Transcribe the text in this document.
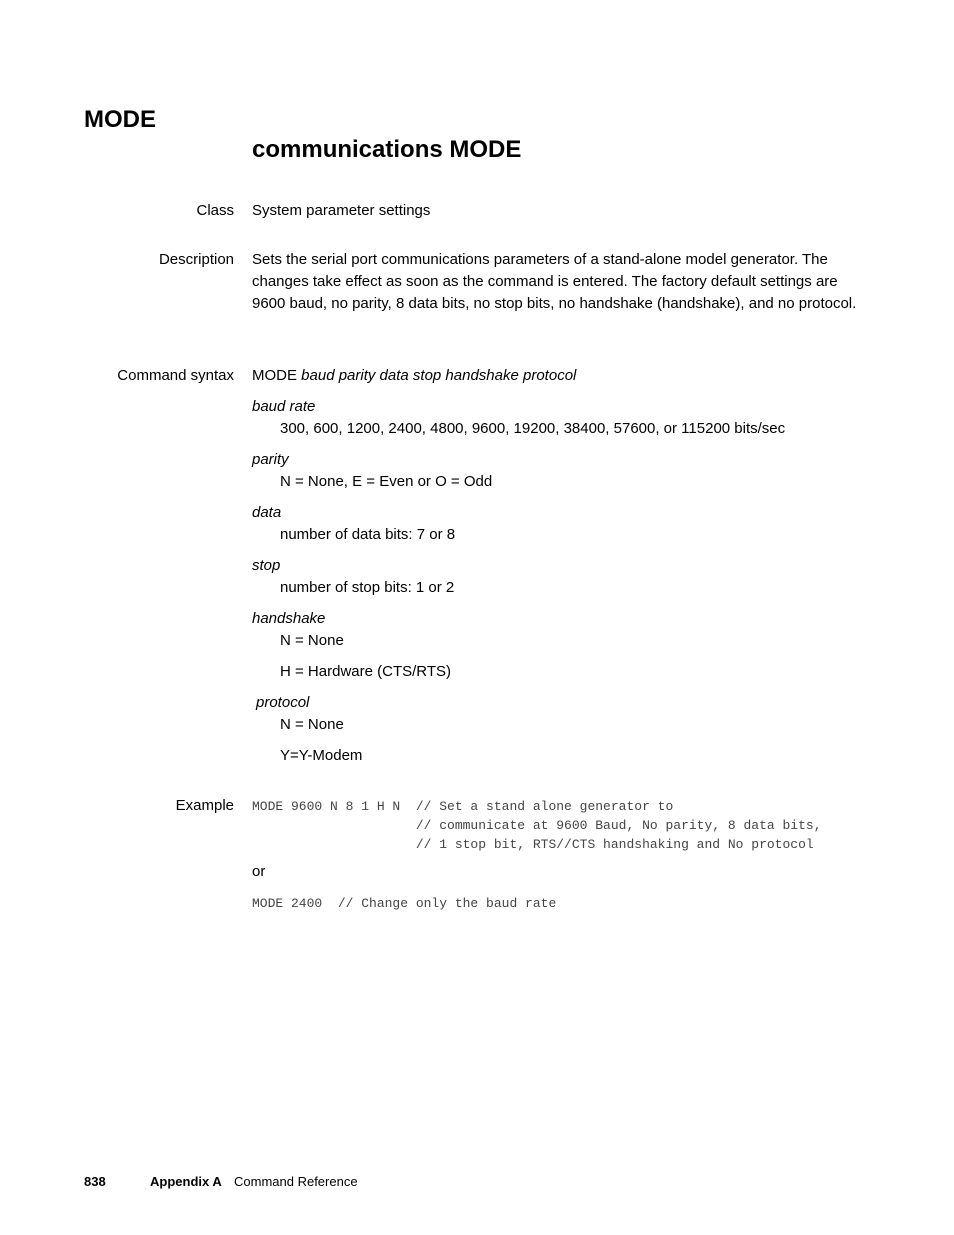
MODE
communications MODE
Class System parameter settings
Description Sets the serial port communications parameters of a stand-alone model generator. The changes take effect as soon as the command is entered. The factory default settings are 9600 baud, no parity, 8 data bits, no stop bits, no handshake (handshake), and no protocol.
Command syntax MODE baud parity data stop handshake protocol
baud rate
300, 600, 1200, 2400, 4800, 9600, 19200, 38400, 57600, or 115200 bits/sec
parity
N = None, E = Even or O = Odd
data
number of data bits: 7 or 8
stop
number of stop bits: 1 or 2
handshake
N = None
H = Hardware (CTS/RTS)
protocol
N = None
Y=Y-Modem
Example MODE 9600 N 8 1 H N  // Set a stand alone generator to
// communicate at 9600 Baud, No parity, 8 data bits,
// 1 stop bit, RTS//CTS handshaking and No protocol
or
MODE 2400  // Change only the baud rate
838	Appendix A Command Reference
